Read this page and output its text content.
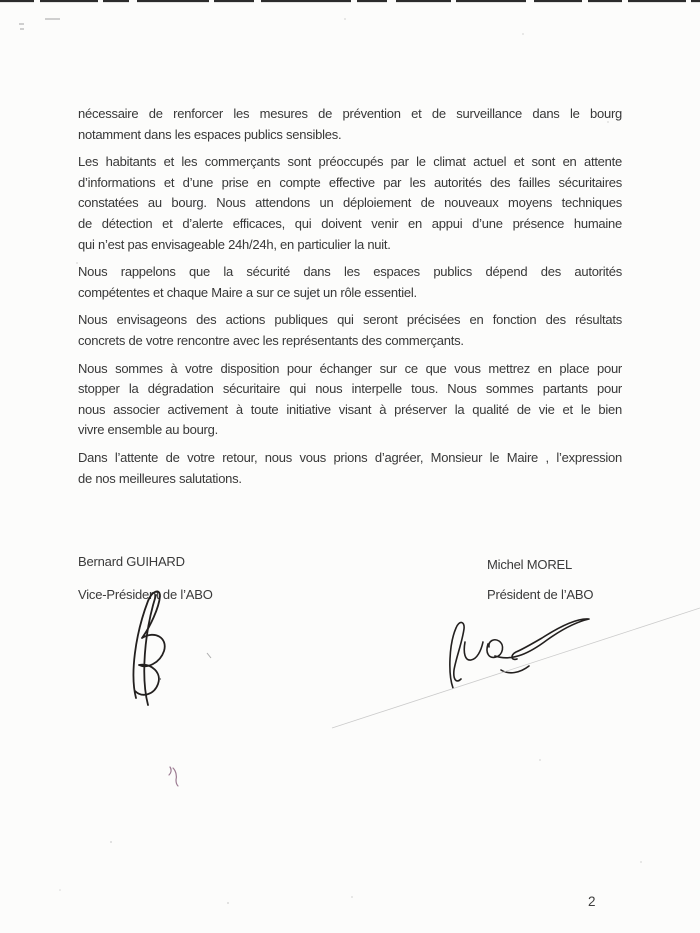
nécessaire de renforcer les mesures de prévention et de surveillance dans le bourg
notamment dans les espaces publics sensibles.

Les habitants et les commerçants sont préoccupés par le climat actuel et sont en attente
d’informations et d’une prise en compte effective par les autorités des failles sécuritaires
constatées au bourg. Nous attendons un déploiement de nouveaux moyens techniques
de détection et d’alerte efficaces, qui doivent venir en appui d’une présence humaine
qui n’est pas envisageable 24h/24h, en particulier la nuit.

Nous rappelons que la sécurité dans les espaces publics dépend des autorités
compétentes et chaque Maire a sur ce sujet un rôle essentiel.

Nous envisageons des actions publiques qui seront précisées en fonction des résultats
concrets de votre rencontre avec les représentants des commerçants.

Nous sommes à votre disposition pour échanger sur ce que vous mettrez en place pour
stopper la dégradation sécuritaire qui nous interpelle tous. Nous sommes partants pour
nous associer activement à toute initiative visant à préserver la qualité de vie et le bien
vivre ensemble au bourg.

Dans l’attente de votre retour, nous vous prions d’agréer, Monsieur le Maire , l’expression
de nos meilleures salutations.

Bernard GUIHARD
Vice-Président de l’ABO
Michel MOREL
Président de l’ABO
2
